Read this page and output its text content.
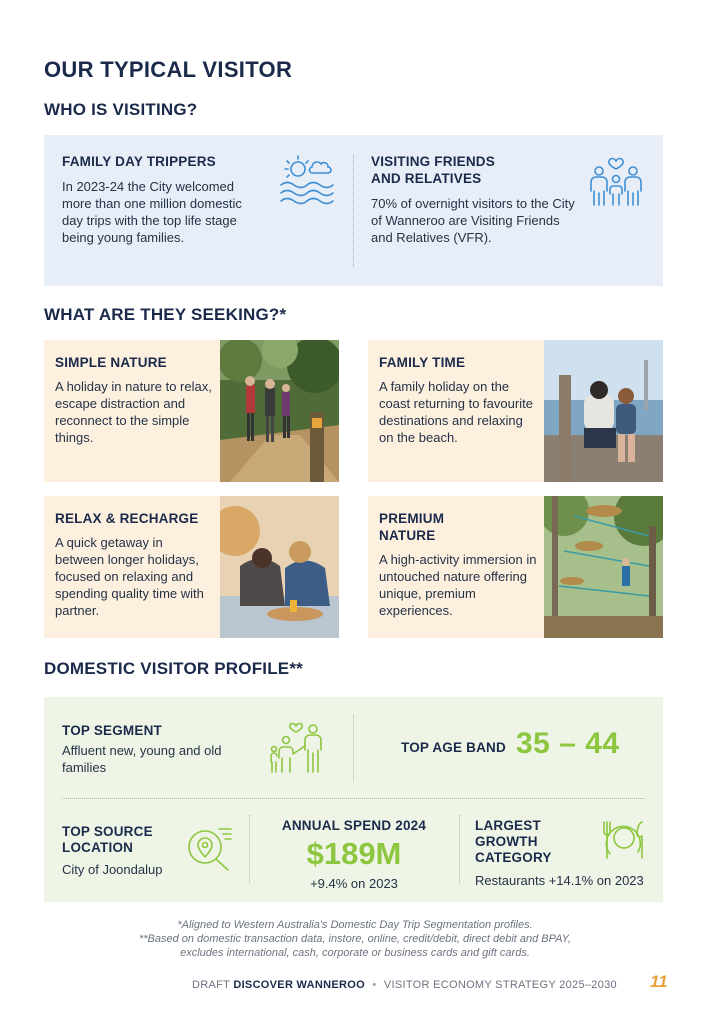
OUR TYPICAL VISITOR
WHO IS VISITING?
FAMILY DAY TRIPPERS
In 2023-24 the City welcomed more than one million domestic day trips with the top life stage being young families.
VISITING FRIENDS
AND RELATIVES
70% of overnight visitors to the City of Wanneroo are Visiting Friends and Relatives (VFR).
WHAT ARE THEY SEEKING?*
SIMPLE NATURE
A holiday in nature to relax, escape distraction and reconnect to the simple things.
FAMILY TIME
A family holiday on the coast returning to favourite destinations and relaxing on the beach.
RELAX & RECHARGE
A quick getaway in between longer holidays, focused on relaxing and spending quality time with partner.
PREMIUM
NATURE
A high-activity immersion in untouched nature offering unique, premium experiences.
DOMESTIC VISITOR PROFILE**
TOP SEGMENT
Affluent new, young and old families
TOP AGE BAND 35 – 44
TOP SOURCE
LOCATION
City of Joondalup
ANNUAL SPEND 2024
$189M
+9.4% on 2023
LARGEST
GROWTH
CATEGORY
Restaurants +14.1% on 2023
*Aligned to Western Australia's Domestic Day Trip Segmentation profiles.
**Based on domestic transaction data, instore, online, credit/debit, direct debit and BPAY,
excludes international, cash, corporate or business cards and gift cards.
DRAFT DISCOVER WANNEROO • VISITOR ECONOMY STRATEGY 2025–2030 11
